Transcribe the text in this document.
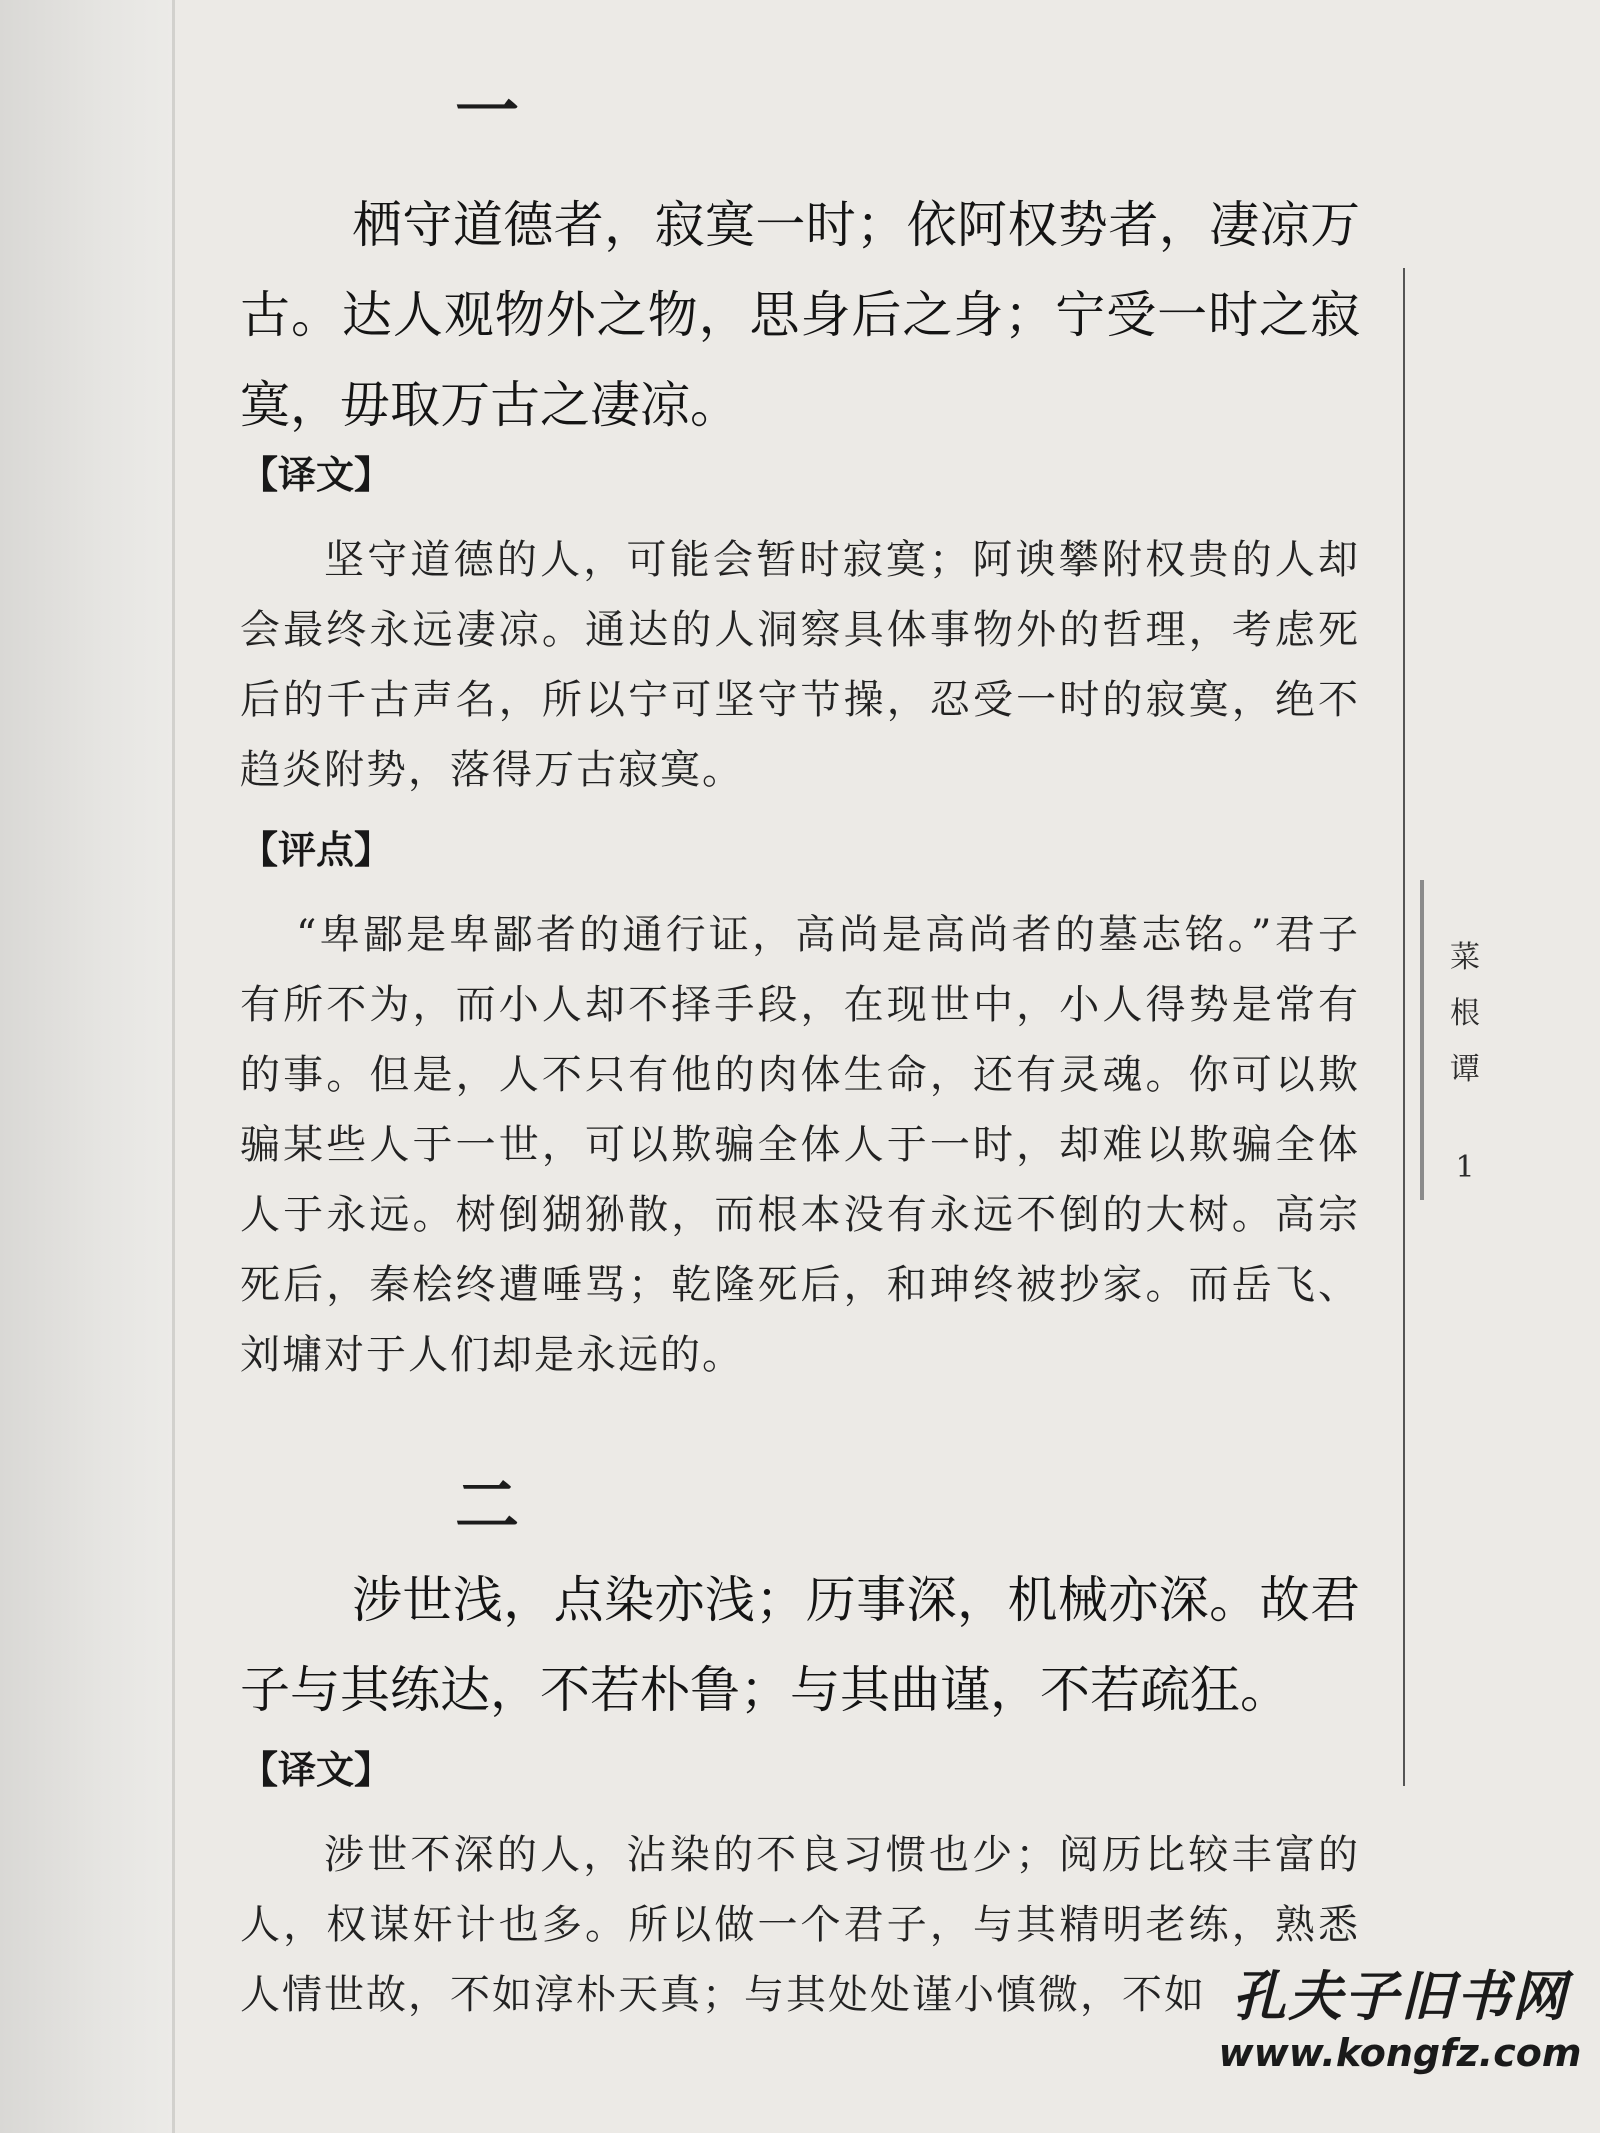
一

栖守道德者，寂寞一时；依阿权势者，凄凉万古。达人观物外之物，思身后之身；宁受一时之寂寞，毋取万古之凄凉。

【译文】

坚守道德的人，可能会暂时寂寞；阿谀攀附权贵的人却会最终永远凄凉。通达的人洞察具体事物外的哲理，考虑死后的千古声名，所以宁可坚守节操，忍受一时的寂寞，绝不趋炎附势，落得万古寂寞。

【评点】

“卑鄙是卑鄙者的通行证，高尚是高尚者的墓志铭。”君子有所不为，而小人却不择手段，在现世中，小人得势是常有的事。但是，人不只有他的肉体生命，还有灵魂。你可以欺骗某些人于一世，可以欺骗全体人于一时，却难以欺骗全体人于永远。树倒猢狲散，而根本没有永远不倒的大树。高宗死后，秦桧终遭唾骂；乾隆死后，和珅终被抄家。而岳飞、刘墉对于人们却是永远的。

二

涉世浅，点染亦浅；历事深，机械亦深。故君子与其练达，不若朴鲁；与其曲谨，不若疏狂。

【译文】

涉世不深的人，沾染的不良习惯也少；阅历比较丰富的人，权谋奸计也多。所以做一个君子，与其精明老练，熟悉人情世故，不如淳朴天真；与其处处谨小慎微，不如

菜根谭
1
孔夫子旧书网
www.kongfz.com
